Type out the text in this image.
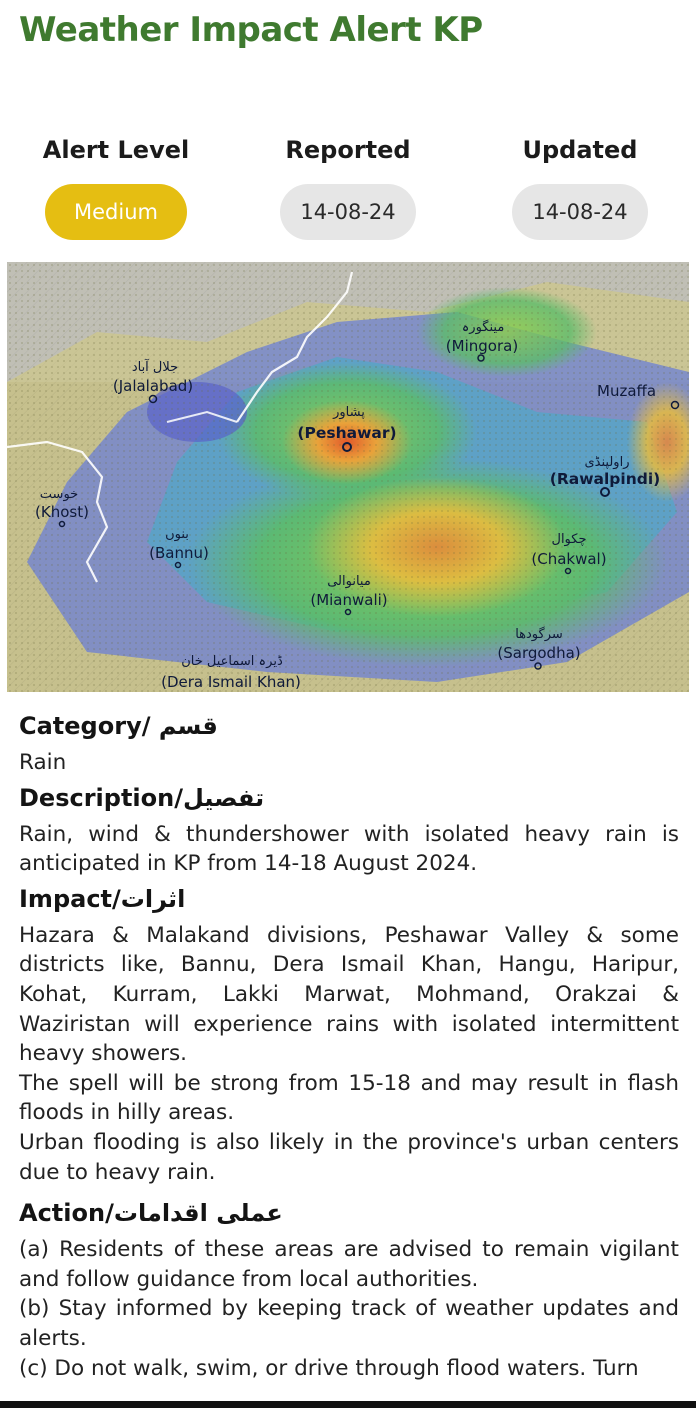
Weather Impact Alert KP
Alert Level
Medium
Reported
14-08-24
Updated
14-08-24
جلال آباد
(Jalalabad)
مینگورہ
(Mingora)
Muzaffa
پشاور
(Peshawar)
راولپنڈی
(Rawalpindi)
خوست
(Khost)
بنوں
(Bannu)
چکوال
(Chakwal)
میانوالی
(Mianwali)
سرگودھا
(Sargodha)
ڈیرہ اسماعیل خان
(Dera Ismail Khan)
Category/ قسم

Rain

Description/تفصیل

Rain, wind & thundershower with isolated heavy rain is anticipated in KP from 14-18 August 2024.

Impact/اثرات

Hazara & Malakand divisions, Peshawar Valley & some districts like, Bannu, Dera Ismail Khan, Hangu, Haripur, Kohat, Kurram, Lakki Marwat, Mohmand, Orakzai & Waziristan will experience rains with isolated intermittent heavy showers.

The spell will be strong from 15-18 and may result in flash floods in hilly areas.

Urban flooding is also likely in the province's urban centers due to heavy rain.

Action/عملی اقدامات

(a) Residents of these areas are advised to remain vigilant and follow guidance from local authorities.

(b) Stay informed by keeping track of weather updates and alerts.

(c) Do not walk, swim, or drive through flood waters. Turn
